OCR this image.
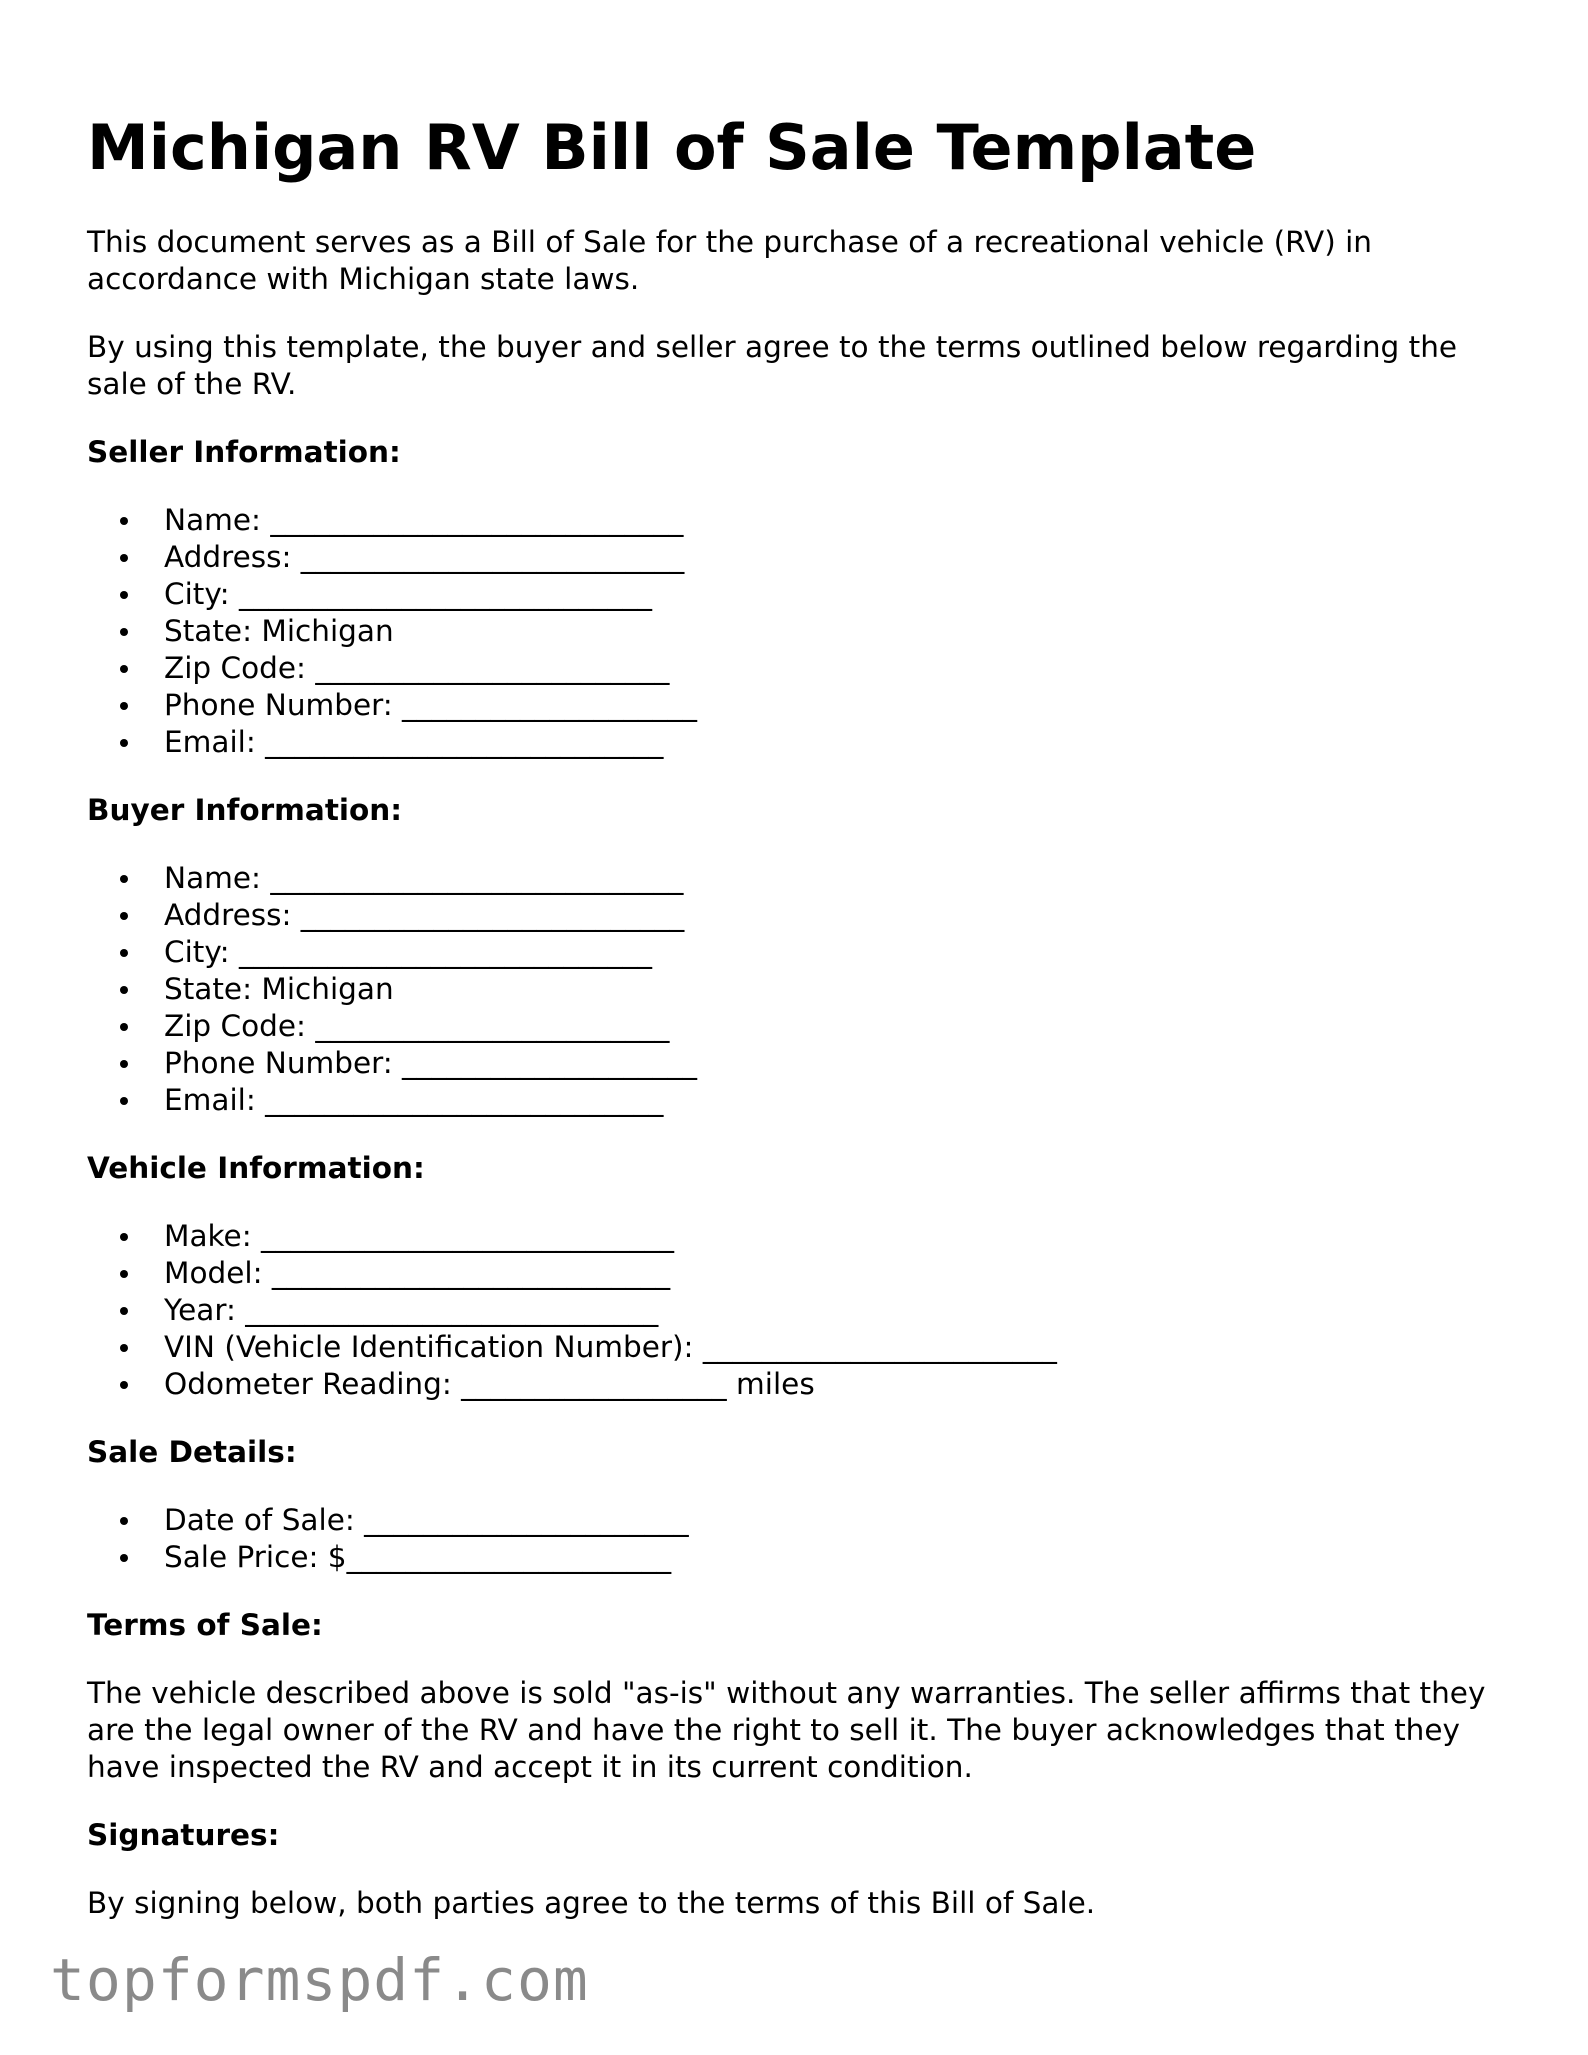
Michigan RV Bill of Sale Template

This document serves as a Bill of Sale for the purchase of a recreational vehicle (RV) in accordance with Michigan state laws.

By using this template, the buyer and seller agree to the terms outlined below regarding the sale of the RV.

Seller Information:
Name: ____________________________
Address: __________________________
City: ____________________________
State: Michigan
Zip Code: ________________________
Phone Number: ____________________
Email: ___________________________
Buyer Information:
Name: ____________________________
Address: __________________________
City: ____________________________
State: Michigan
Zip Code: ________________________
Phone Number: ____________________
Email: ___________________________
Vehicle Information:
Make: ____________________________
Model: ___________________________
Year: ____________________________
VIN (Vehicle Identification Number): ________________________
Odometer Reading: __________________ miles
Sale Details:
Date of Sale: ______________________
Sale Price: $______________________
Terms of Sale:

The vehicle described above is sold "as-is" without any warranties. The seller affirms that they are the legal owner of the RV and have the right to sell it. The buyer acknowledges that they have inspected the RV and accept it in its current condition.

Signatures:

By signing below, both parties agree to the terms of this Bill of Sale.

topformspdf.com
